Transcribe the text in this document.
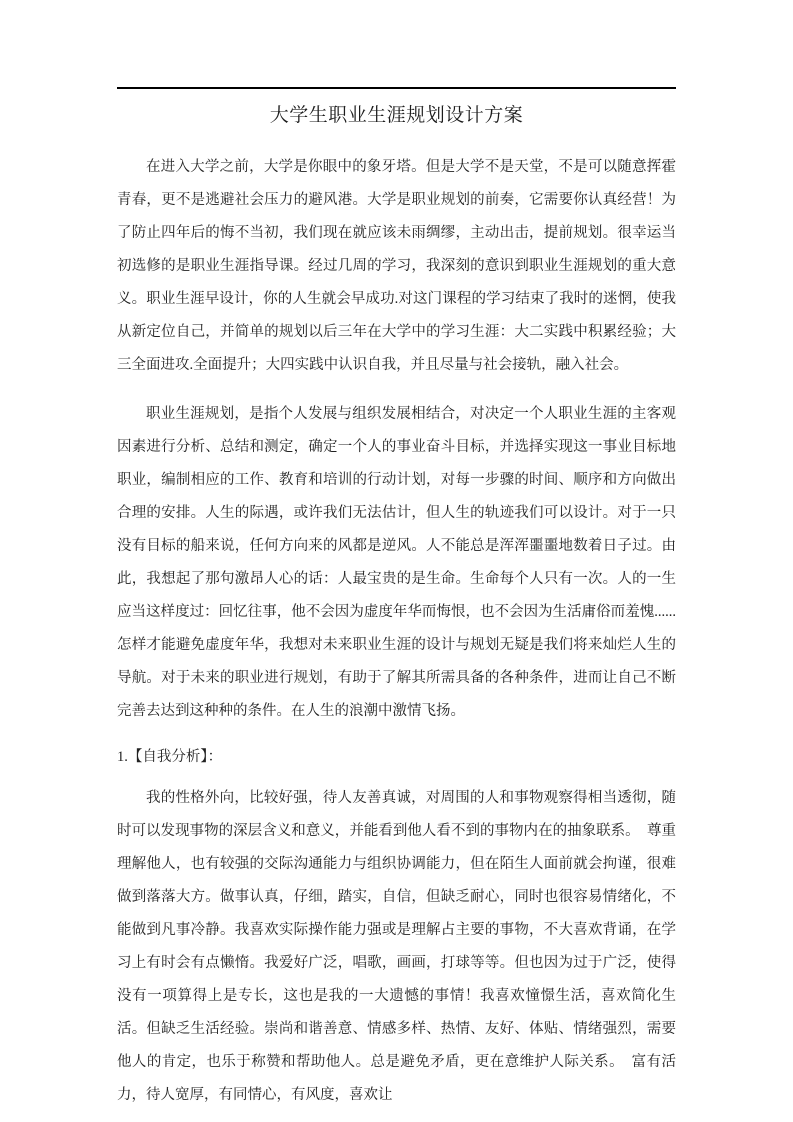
大学生职业生涯规划设计方案

在进入大学之前，大学是你眼中的象牙塔。但是大学不是天堂，不是可以随意挥霍青春，更不是逃避社会压力的避风港。大学是职业规划的前奏，它需要你认真经营！为了防止四年后的悔不当初，我们现在就应该未雨绸缪，主动出击，提前规划。很幸运当初选修的是职业生涯指导课。经过几周的学习，我深刻的意识到职业生涯规划的重大意义。职业生涯早设计，你的人生就会早成功.对这门课程的学习结束了我时的迷惘，使我从新定位自己，并简单的规划以后三年在大学中的学习生涯：大二实践中积累经验；大三全面进攻.全面提升；大四实践中认识自我，并且尽量与社会接轨，融入社会。

职业生涯规划，是指个人发展与组织发展相结合，对决定一个人职业生涯的主客观因素进行分析、总结和测定，确定一个人的事业奋斗目标，并选择实现这一事业目标地职业，编制相应的工作、教育和培训的行动计划，对每一步骤的时间、顺序和方向做出合理的安排。人生的际遇，或许我们无法估计，但人生的轨迹我们可以设计。对于一只没有目标的船来说，任何方向来的风都是逆风。人不能总是浑浑噩噩地数着日子过。由此，我想起了那句激昂人心的话：人最宝贵的是生命。生命每个人只有一次。人的一生应当这样度过：回忆往事，他不会因为虚度年华而悔恨，也不会因为生活庸俗而羞愧......怎样才能避免虚度年华，我想对未来职业生涯的设计与规划无疑是我们将来灿烂人生的导航。对于未来的职业进行规划，有助于了解其所需具备的各种条件，进而让自己不断完善去达到这种种的条件。在人生的浪潮中激情飞扬。

1.【自我分析】：

我的性格外向，比较好强，待人友善真诚，对周围的人和事物观察得相当透彻，随时可以发现事物的深层含义和意义，并能看到他人看不到的事物内在的抽象联系。　尊重理解他人，也有较强的交际沟通能力与组织协调能力，但在陌生人面前就会拘谨，很难做到落落大方。做事认真，仔细，踏实，自信，但缺乏耐心，同时也很容易情绪化，不能做到凡事冷静。我喜欢实际操作能力强或是理解占主要的事物，不大喜欢背诵，在学习上有时会有点懒惰。我爱好广泛，唱歌，画画，打球等等。但也因为过于广泛，使得没有一项算得上是专长，这也是我的一大遗憾的事情！我喜欢憧憬生活，喜欢简化生活。但缺乏生活经验。崇尚和谐善意、情感多样、热情、友好、体贴、情绪强烈，需要他人的肯定，也乐于称赞和帮助他人。总是避免矛盾，更在意维护人际关系。　富有活力，待人宽厚，有同情心，有风度，喜欢让
